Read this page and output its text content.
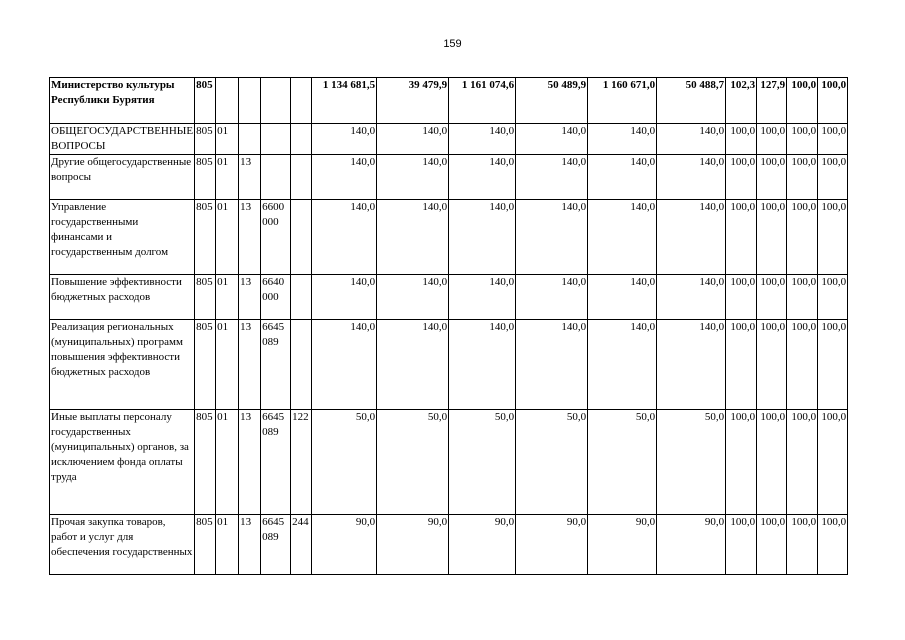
159
Министерство культуры Республики Бурятия	805					1 134 681,5	39 479,9	1 161 074,6	50 489,9	1 160 671,0	50 488,7	102,3	127,9	100,0	100,0
ОБЩЕГОСУДАРСТВЕННЫЕ ВОПРОСЫ	805	01				140,0	140,0	140,0	140,0	140,0	140,0	100,0	100,0	100,0	100,0
Другие общегосударственные вопросы	805	01	13			140,0	140,0	140,0	140,0	140,0	140,0	100,0	100,0	100,0	100,0
Управление государственными финансами и государственным долгом	805	01	13	6600 000		140,0	140,0	140,0	140,0	140,0	140,0	100,0	100,0	100,0	100,0
Повышение эффективности бюджетных расходов	805	01	13	6640 000		140,0	140,0	140,0	140,0	140,0	140,0	100,0	100,0	100,0	100,0
Реализация региональных (муниципальных) программ повышения эффективности бюджетных расходов	805	01	13	6645 089		140,0	140,0	140,0	140,0	140,0	140,0	100,0	100,0	100,0	100,0
Иные выплаты персоналу государственных (муниципальных) органов, за исключением фонда оплаты труда	805	01	13	6645 089	122	50,0	50,0	50,0	50,0	50,0	50,0	100,0	100,0	100,0	100,0
Прочая закупка товаров, работ и услуг для обеспечения государственных	805	01	13	6645 089	244	90,0	90,0	90,0	90,0	90,0	90,0	100,0	100,0	100,0	100,0
